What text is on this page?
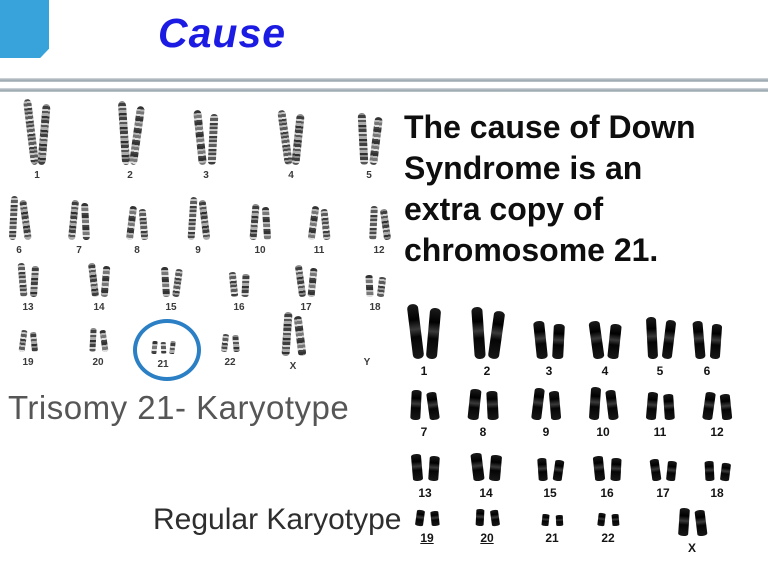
Cause
1	2	3	4	5
6	7	8	9	10	11	12
13	14	15	16	17	18
19	20	21	22	X	Y
The cause of Down
Syndrome is an
extra copy of
chromosome 21.
Trisomy 21- Karyotype
1	2	3	4	5	6
7	8	9	10	11	12
13	14	15	16	17	18
19	20	21	22
X
Regular Karyotype
